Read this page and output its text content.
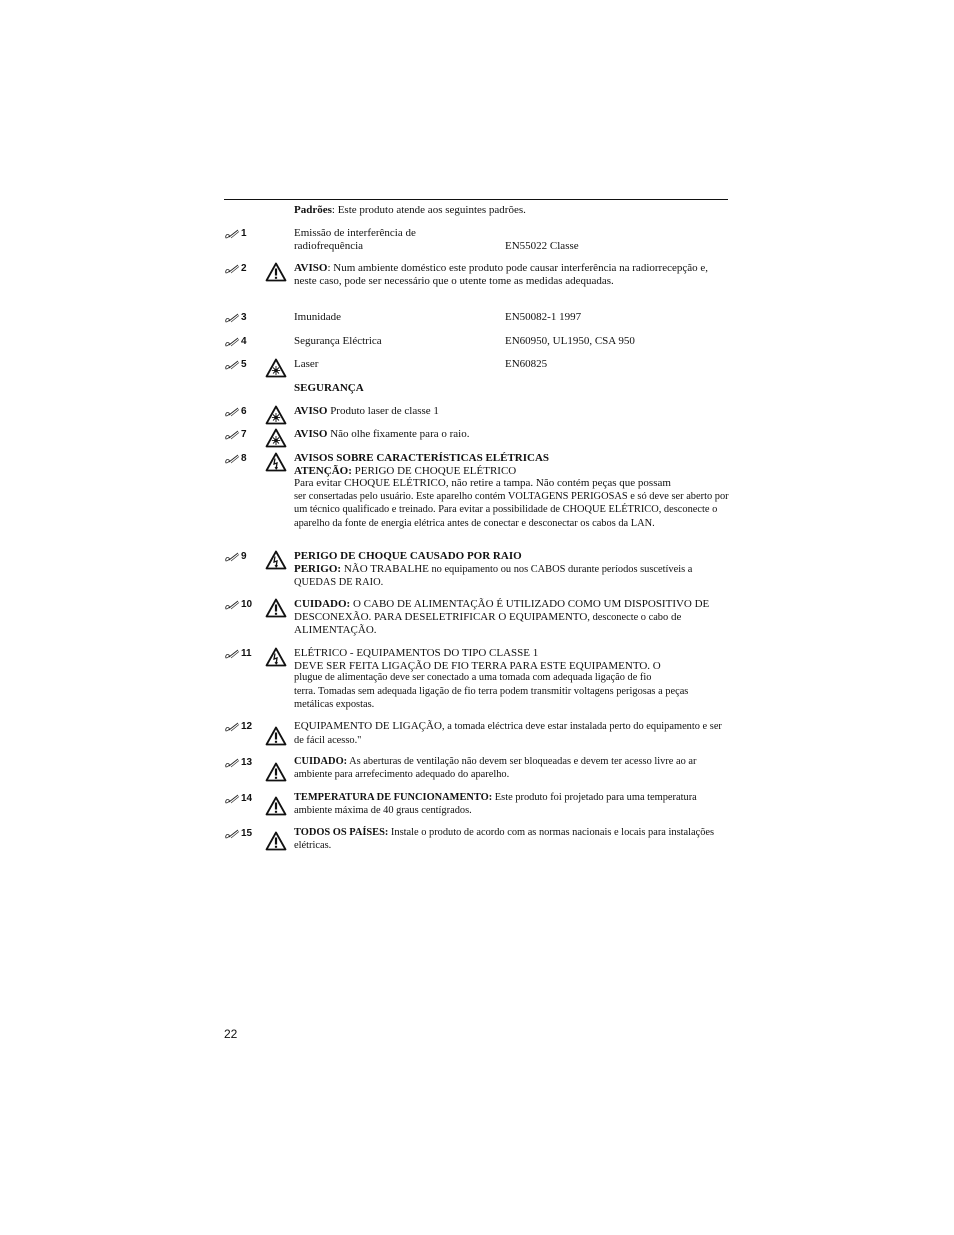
Padrões: Este produto atende aos seguintes padrões.
1	Emissão de interferência de
radiofrequência	EN55022 Classe
2	AVISO: Num ambiente doméstico este produto pode causar interferência na radiorrecepção e, neste caso, pode ser necessário que o utente tome as medidas adequadas.
3	Imunidade	EN50082-1 1997
4	Segurança Eléctrica	EN60950, UL1950, CSA 950
5	Laser	EN60825
SEGURANÇA
6	AVISO Produto laser de classe 1
7	AVISO Não olhe fixamente para o raio.
8	AVISOS SOBRE CARACTERÍSTICAS ELÉTRICAS
ATENÇÃO: PERIGO DE CHOQUE ELÉTRICO
Para evitar CHOQUE ELÉTRICO, não retire a tampa. Não contém peças que possam
ser consertadas pelo usuário. Este aparelho contém VOLTAGENS PERIGOSAS e só deve ser aberto por um técnico qualificado e treinado. Para evitar a possibilidade de CHOQUE ELÉTRICO, desconecte o aparelho da fonte de energia elétrica antes de conectar e desconectar os cabos da LAN.
9	PERIGO DE CHOQUE CAUSADO POR RAIO
PERIGO: NÃO TRABALHE no equipamento ou nos CABOS durante períodos suscetíveis a QUEDAS DE RAIO.
10	CUIDADO: O CABO DE ALIMENTAÇÃO É UTILIZADO COMO UM DISPOSITIVO DE DESCONEXÃO. PARA DESELETRIFICAR O EQUIPAMENTO, desconecte o cabo de ALIMENTAÇÃO.
11	ELÉTRICO - EQUIPAMENTOS DO TIPO CLASSE 1
DEVE SER FEITA LIGAÇÃO DE FIO TERRA PARA ESTE EQUIPAMENTO. O
plugue de alimentação deve ser conectado a uma tomada com adequada ligação de fio
terra. Tomadas sem adequada ligação de fio terra podem transmitir voltagens perigosas a peças metálicas expostas.
12	EQUIPAMENTO DE LIGAÇÃO, a tomada eléctrica deve estar instalada perto do equipamento e ser de fácil acesso."
13	CUIDADO: As aberturas de ventilação não devem ser bloqueadas e devem ter acesso livre ao ar ambiente para arrefecimento adequado do aparelho.
14	TEMPERATURA DE FUNCIONAMENTO: Este produto foi projetado para uma temperatura ambiente máxima de 40 graus centígrados.
15	TODOS OS PAÍSES: Instale o produto de acordo com as normas nacionais e locais para instalações elétricas.
22
